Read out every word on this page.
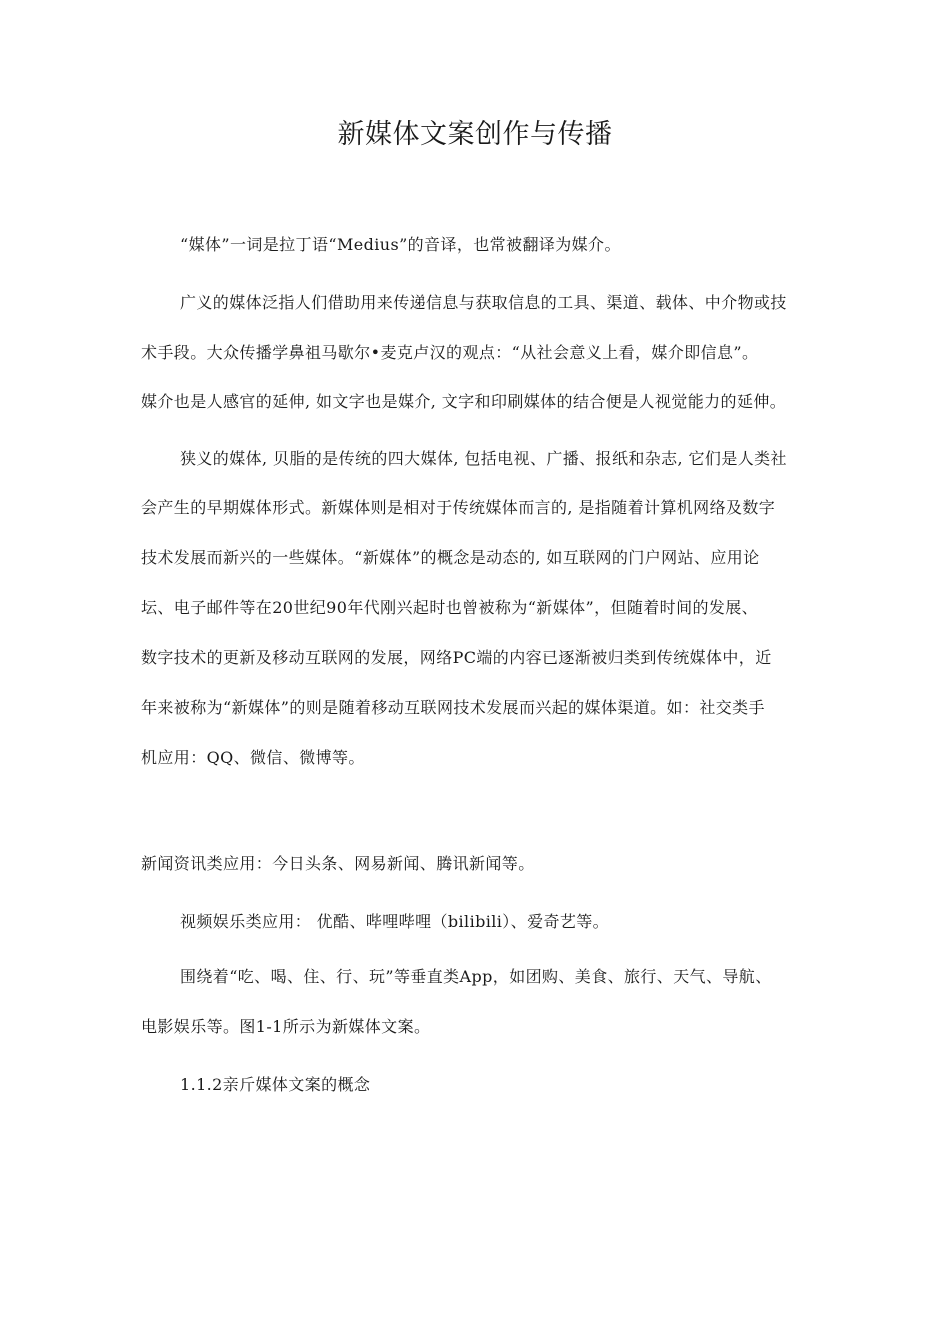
新媒体文案创作与传播
“媒体”一词是拉丁语“Medius”的音译，也常被翻译为媒介。
广义的媒体泛指人们借助用来传递信息与获取信息的工具、渠道、载体、中介物或技
术手段。大众传播学鼻祖马歇尔•麦克卢汉的观点：“从社会意义上看，媒介即信息”。
媒介也是人感官的延伸, 如文字也是媒介, 文字和印刷媒体的结合便是人视觉能力的延伸。
狭义的媒体, 贝脂的是传统的四大媒体, 包括电视、广播、报纸和杂志, 它们是人类社
会产生的早期媒体形式。新媒体则是相对于传统媒体而言的, 是指随着计算机网络及数字
技术发展而新兴的一些媒体。“新媒体”的概念是动态的, 如互联网的门户网站、应用论
坛、电子邮件等在20世纪90年代刚兴起时也曾被称为“新媒体”，但随着时间的发展、
数字技术的更新及移动互联网的发展，网络PC端的内容已逐渐被归类到传统媒体中，近
年来被称为“新媒体”的则是随着移动互联网技术发展而兴起的媒体渠道。如：社交类手
机应用：QQ、微信、微博等。
新闻资讯类应用：今日头条、网易新闻、腾讯新闻等。
视频娱乐类应用： 优酷、哔哩哔哩（bilibili）、爱奇艺等。
围绕着“吃、喝、住、行、玩”等垂直类App，如团购、美食、旅行、天气、导航、
电影娱乐等。图1-1所示为新媒体文案。
1.1.2亲斤媒体文案的概念
